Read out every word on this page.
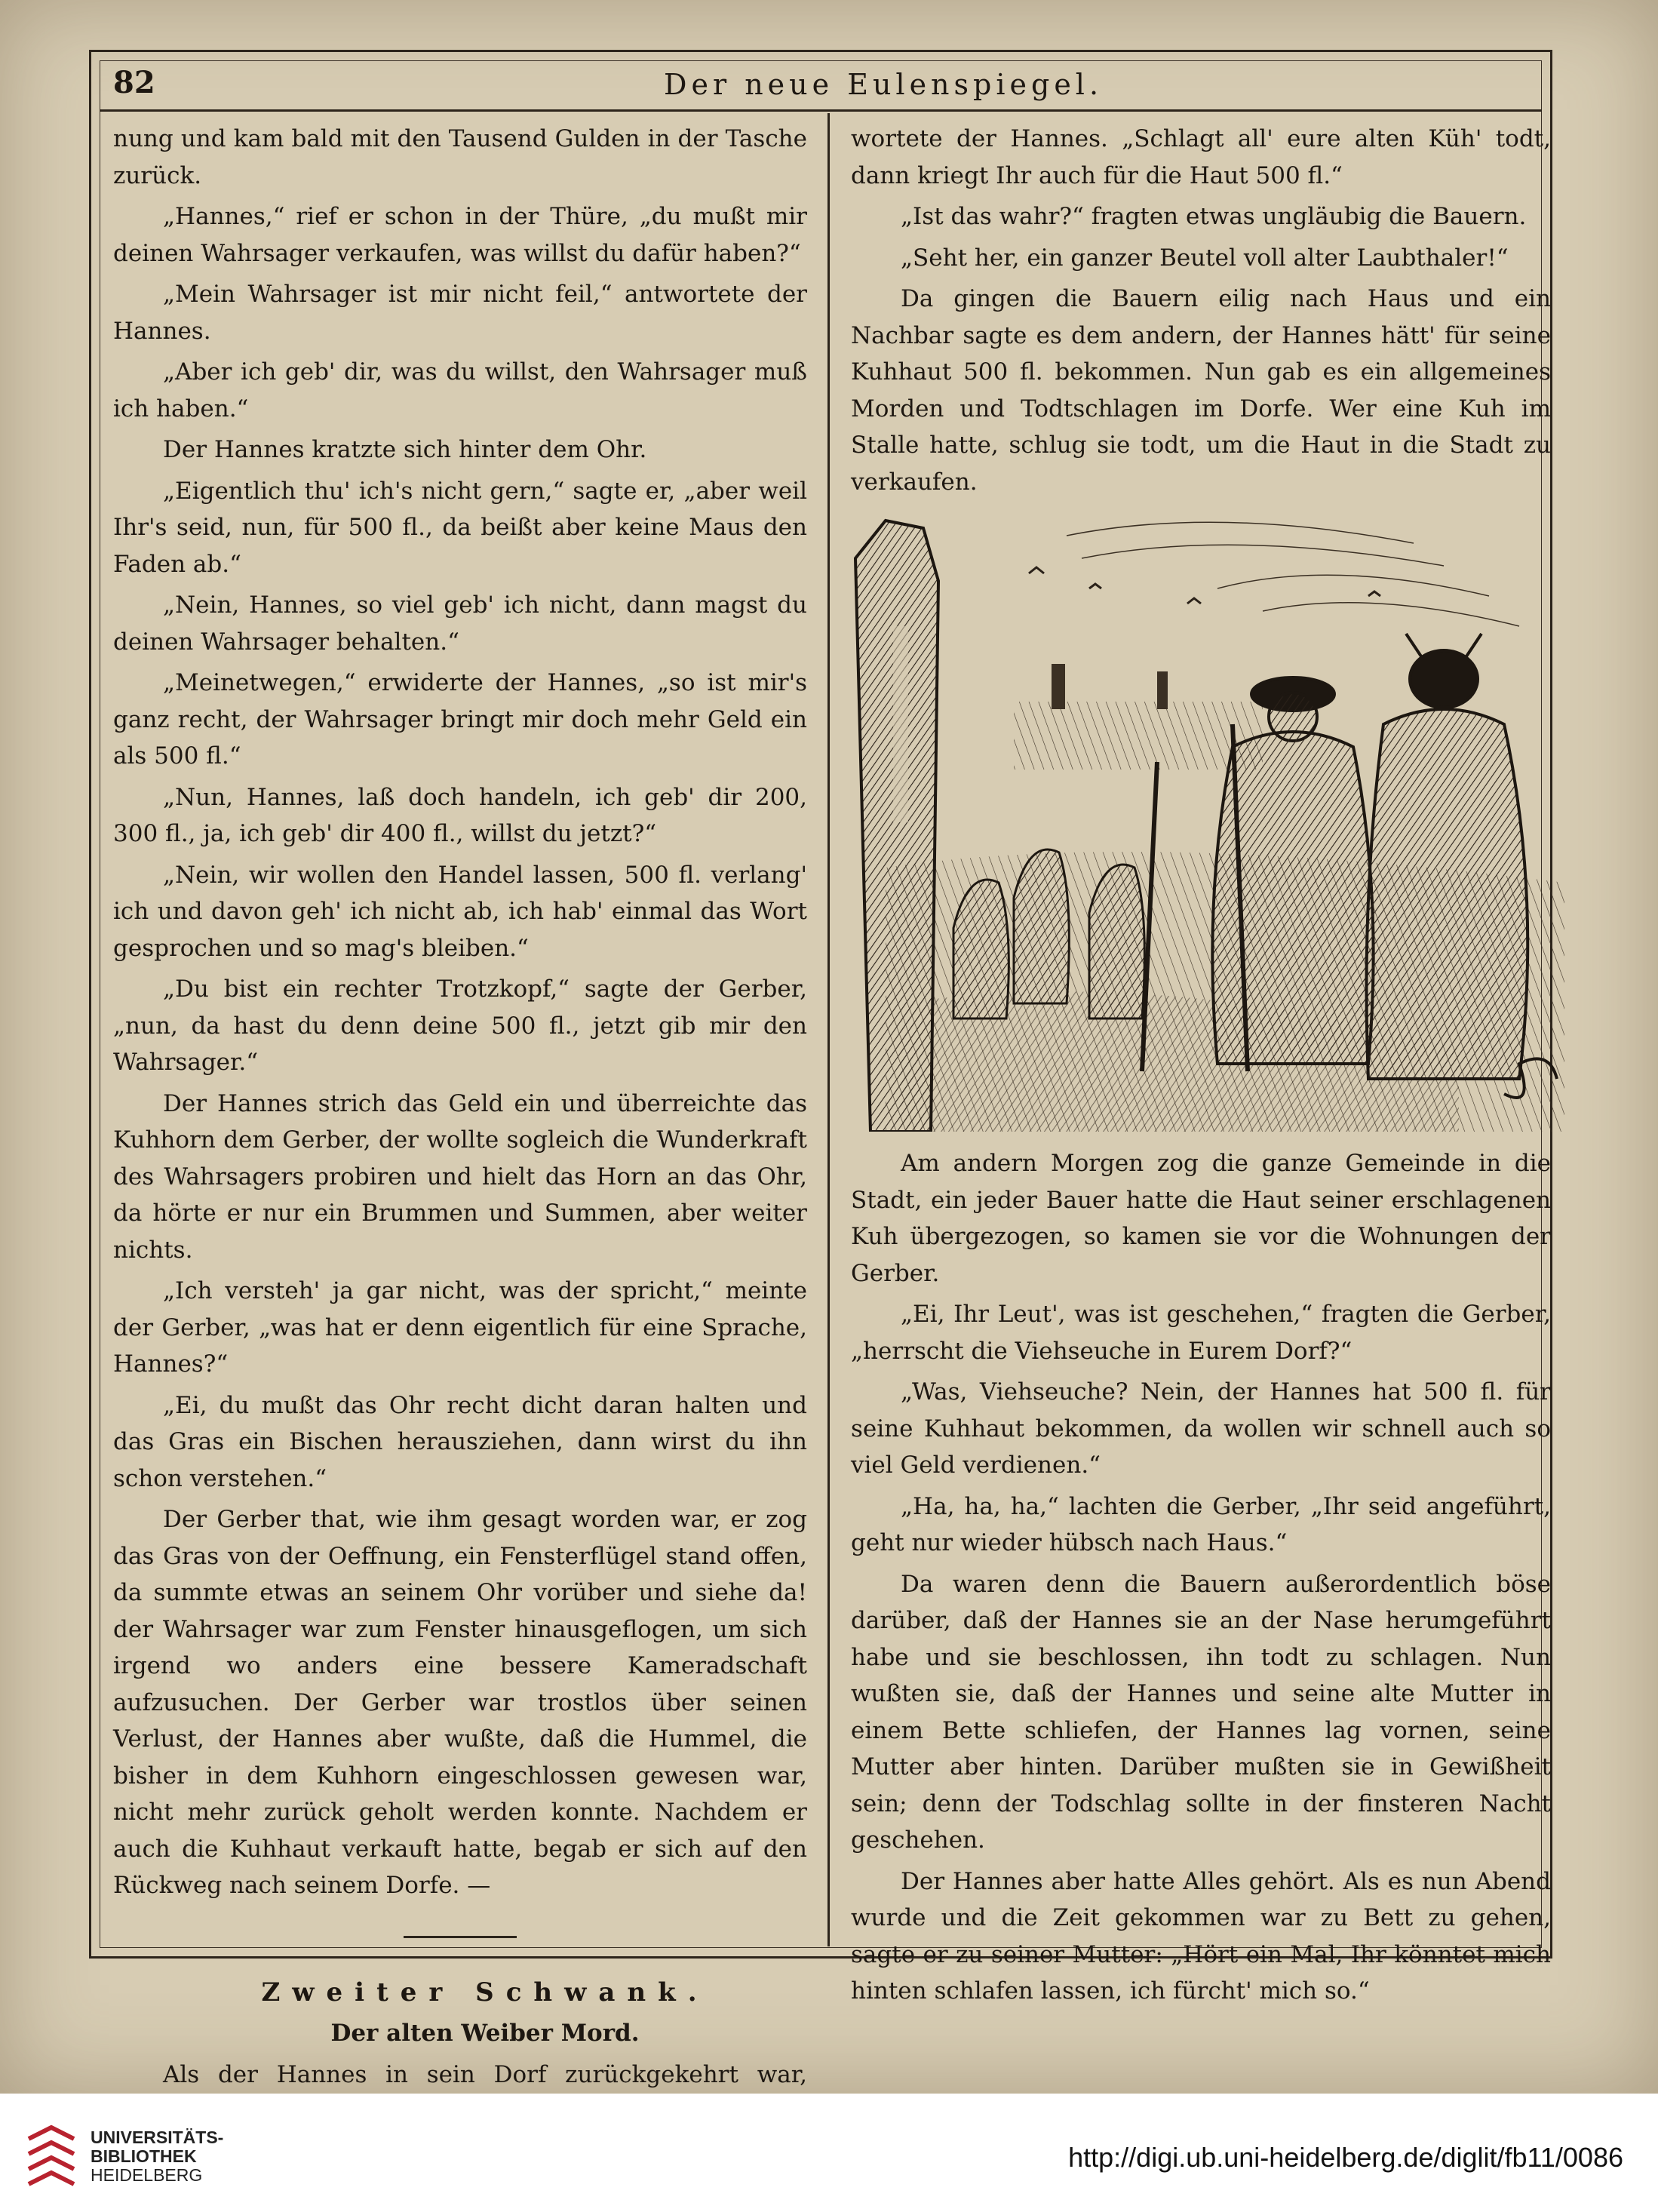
82	Der neue Eulenspiegel.

nung und kam bald mit den Tausend Gulden in der Tasche zurück.

„Hannes,“ rief er schon in der Thüre, „du mußt mir deinen Wahrsager verkaufen, was willst du dafür haben?“

„Mein Wahrsager ist mir nicht feil,“ antwortete der Hannes.

„Aber ich geb' dir, was du willst, den Wahrsager muß ich haben.“

Der Hannes kratzte sich hinter dem Ohr.

„Eigentlich thu' ich's nicht gern,“ sagte er, „aber weil Ihr's seid, nun, für 500 fl., da beißt aber keine Maus den Faden ab.“

„Nein, Hannes, so viel geb' ich nicht, dann magst du deinen Wahrsager behalten.“

„Meinetwegen,“ erwiderte der Hannes, „so ist mir's ganz recht, der Wahrsager bringt mir doch mehr Geld ein als 500 fl.“

„Nun, Hannes, laß doch handeln, ich geb' dir 200, 300 fl., ja, ich geb' dir 400 fl., willst du jetzt?“

„Nein, wir wollen den Handel lassen, 500 fl. verlang' ich und davon geh' ich nicht ab, ich hab' einmal das Wort gesprochen und so mag's bleiben.“

„Du bist ein rechter Trotzkopf,“ sagte der Gerber, „nun, da hast du denn deine 500 fl., jetzt gib mir den Wahrsager.“

Der Hannes strich das Geld ein und überreichte das Kuhhorn dem Gerber, der wollte sogleich die Wunderkraft des Wahrsagers probiren und hielt das Horn an das Ohr, da hörte er nur ein Brummen und Summen, aber weiter nichts.

„Ich versteh' ja gar nicht, was der spricht,“ meinte der Gerber, „was hat er denn eigentlich für eine Sprache, Hannes?“

„Ei, du mußt das Ohr recht dicht daran halten und das Gras ein Bischen herausziehen, dann wirst du ihn schon verstehen.“

Der Gerber that, wie ihm gesagt worden war, er zog das Gras von der Oeffnung, ein Fensterflügel stand offen, da summte etwas an seinem Ohr vorüber und siehe da! der Wahrsager war zum Fenster hinausgeflogen, um sich irgend wo anders eine bessere Kameradschaft aufzusuchen. Der Gerber war trostlos über seinen Verlust, der Hannes aber wußte, daß die Hummel, die bisher in dem Kuhhorn eingeschlossen gewesen war, nicht mehr zurück geholt werden konnte. Nachdem er auch die Kuhhaut verkauft hatte, begab er sich auf den Rückweg nach seinem Dorfe. —

Zweiter Schwank.

Der alten Weiber Mord.

Als der Hannes in sein Dorf zurückgekehrt war,

wortete der Hannes. „Schlagt all' eure alten Küh' todt, dann kriegt Ihr auch für die Haut 500 fl.“

„Ist das wahr?“ fragten etwas ungläubig die Bauern.

„Seht her, ein ganzer Beutel voll alter Laubthaler!“

Da gingen die Bauern eilig nach Haus und ein Nachbar sagte es dem andern, der Hannes hätt' für seine Kuhhaut 500 fl. bekommen. Nun gab es ein allgemeines Morden und Todtschlagen im Dorfe. Wer eine Kuh im Stalle hatte, schlug sie todt, um die Haut in die Stadt zu verkaufen.

Am andern Morgen zog die ganze Gemeinde in die Stadt, ein jeder Bauer hatte die Haut seiner erschlagenen Kuh übergezogen, so kamen sie vor die Wohnungen der Gerber.

„Ei, Ihr Leut', was ist geschehen,“ fragten die Gerber, „herrscht die Viehseuche in Eurem Dorf?“

„Was, Viehseuche? Nein, der Hannes hat 500 fl. für seine Kuhhaut bekommen, da wollen wir schnell auch so viel Geld verdienen.“

„Ha, ha, ha,“ lachten die Gerber, „Ihr seid angeführt, geht nur wieder hübsch nach Haus.“

Da waren denn die Bauern außerordentlich böse darüber, daß der Hannes sie an der Nase herumgeführt habe und sie beschlossen, ihn todt zu schlagen. Nun wußten sie, daß der Hannes und seine alte Mutter in einem Bette schliefen, der Hannes lag vornen, seine Mutter aber hinten. Darüber mußten sie in Gewißheit sein; denn der Todschlag sollte in der finsteren Nacht geschehen.

Der Hannes aber hatte Alles gehört. Als es nun Abend wurde und die Zeit gekommen war zu Bett zu gehen, sagte er zu seiner Mutter: „Hört ein Mal, Ihr könntet mich hinten schlafen lassen, ich fürcht' mich so.“

UNIVERSITÄTS-
BIBLIOTHEK
HEIDELBERG
http://digi.ub.uni-heidelberg.de/diglit/fb11/0086
